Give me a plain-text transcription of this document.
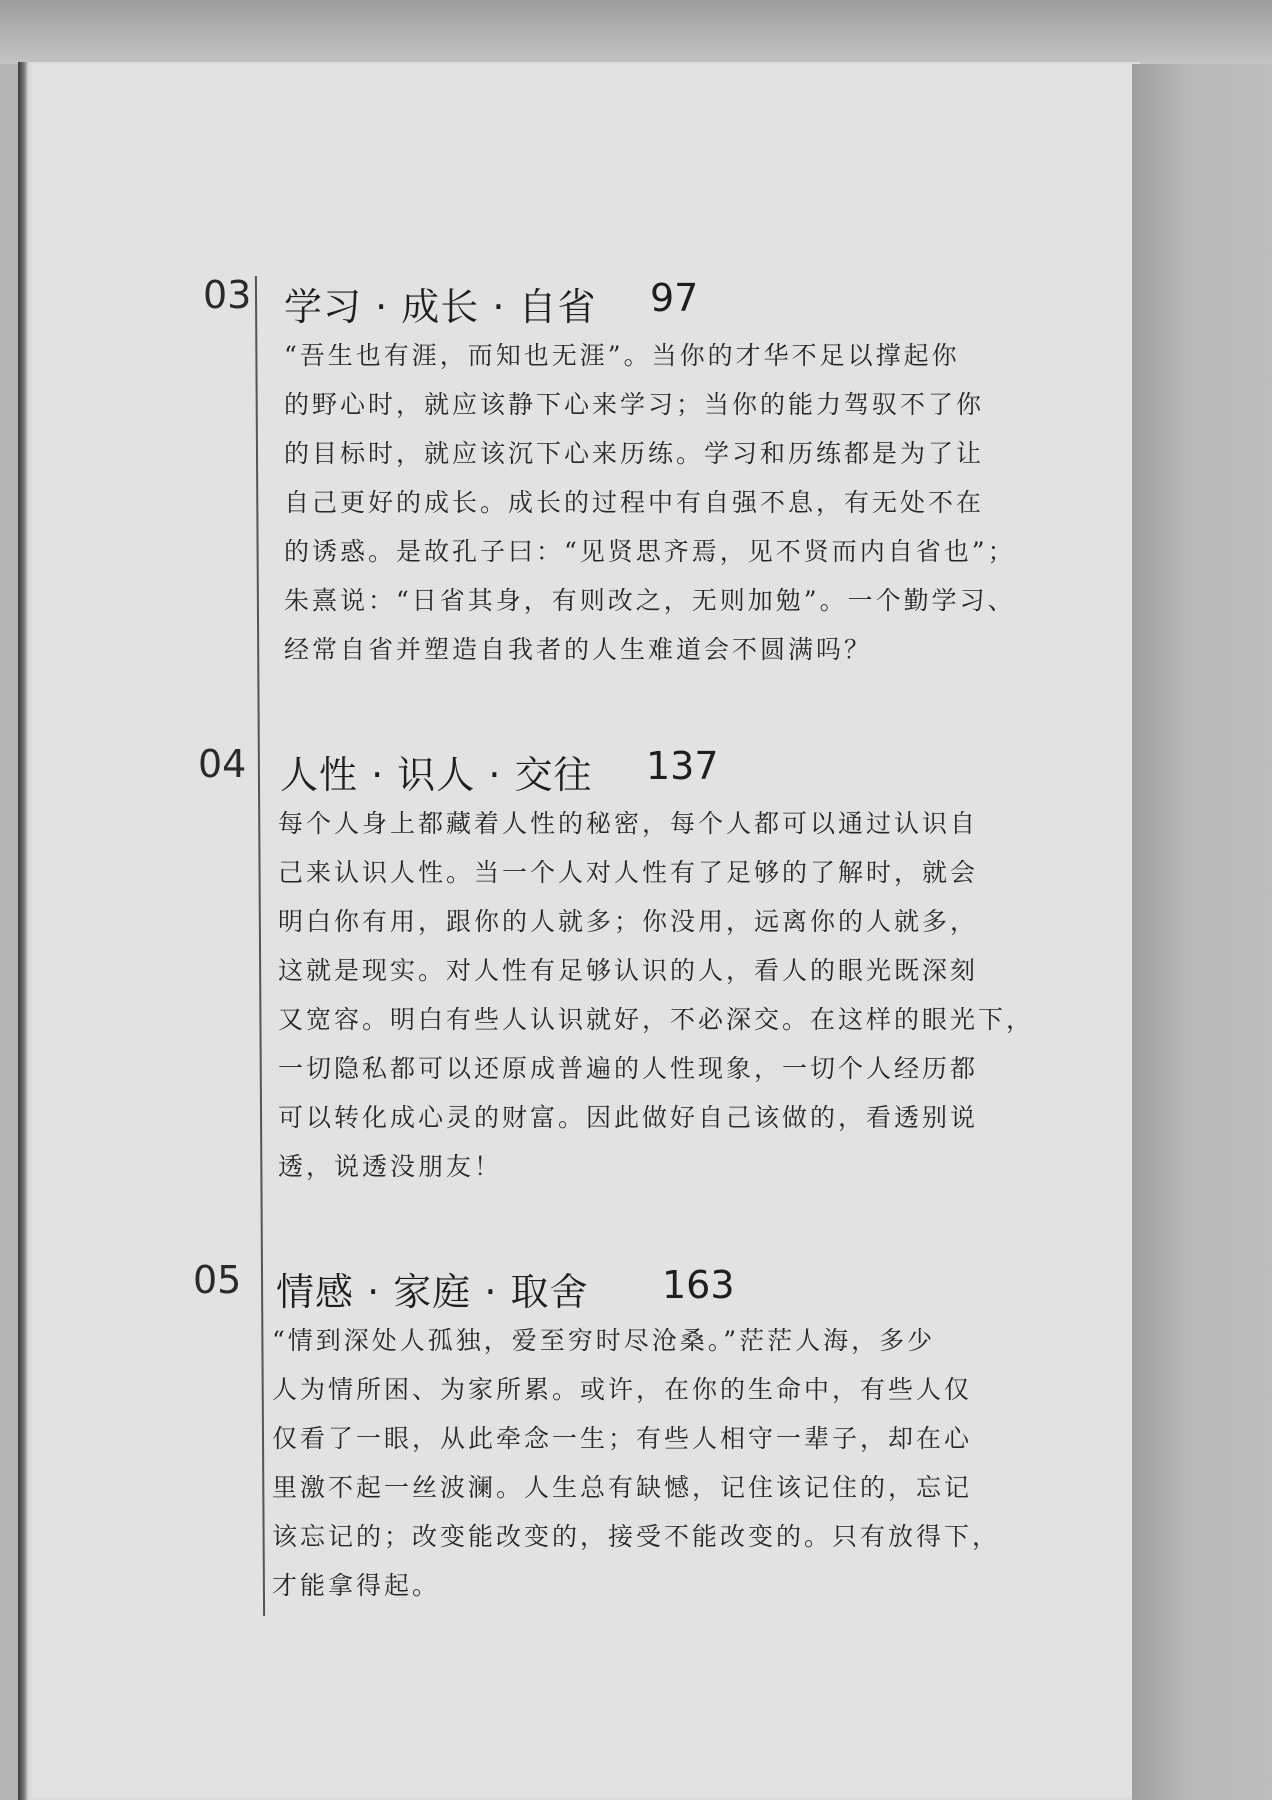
03 学习 · 成长 · 自省 97

“吾生也有涯，而知也无涯”。当你的才华不足以撑起你

的野心时，就应该静下心来学习；当你的能力驾驭不了你

的目标时，就应该沉下心来历练。学习和历练都是为了让

自己更好的成长。成长的过程中有自强不息，有无处不在

的诱惑。是故孔子曰：“见贤思齐焉，见不贤而内自省也”；

朱熹说：“日省其身，有则改之，无则加勉”。一个勤学习、

经常自省并塑造自我者的人生难道会不圆满吗？

04 人性 · 识人 · 交往 137

每个人身上都藏着人性的秘密，每个人都可以通过认识自

己来认识人性。当一个人对人性有了足够的了解时，就会

明白你有用，跟你的人就多；你没用，远离你的人就多，

这就是现实。对人性有足够认识的人，看人的眼光既深刻

又宽容。明白有些人认识就好，不必深交。在这样的眼光下，

一切隐私都可以还原成普遍的人性现象，一切个人经历都

可以转化成心灵的财富。因此做好自己该做的，看透别说

透，说透没朋友！

05 情感 · 家庭 · 取舍 163

“情到深处人孤独，爱至穷时尽沧桑。”茫茫人海，多少

人为情所困、为家所累。或许，在你的生命中，有些人仅

仅看了一眼，从此牵念一生；有些人相守一辈子，却在心

里激不起一丝波澜。人生总有缺憾，记住该记住的，忘记

该忘记的；改变能改变的，接受不能改变的。只有放得下，

才能拿得起。
